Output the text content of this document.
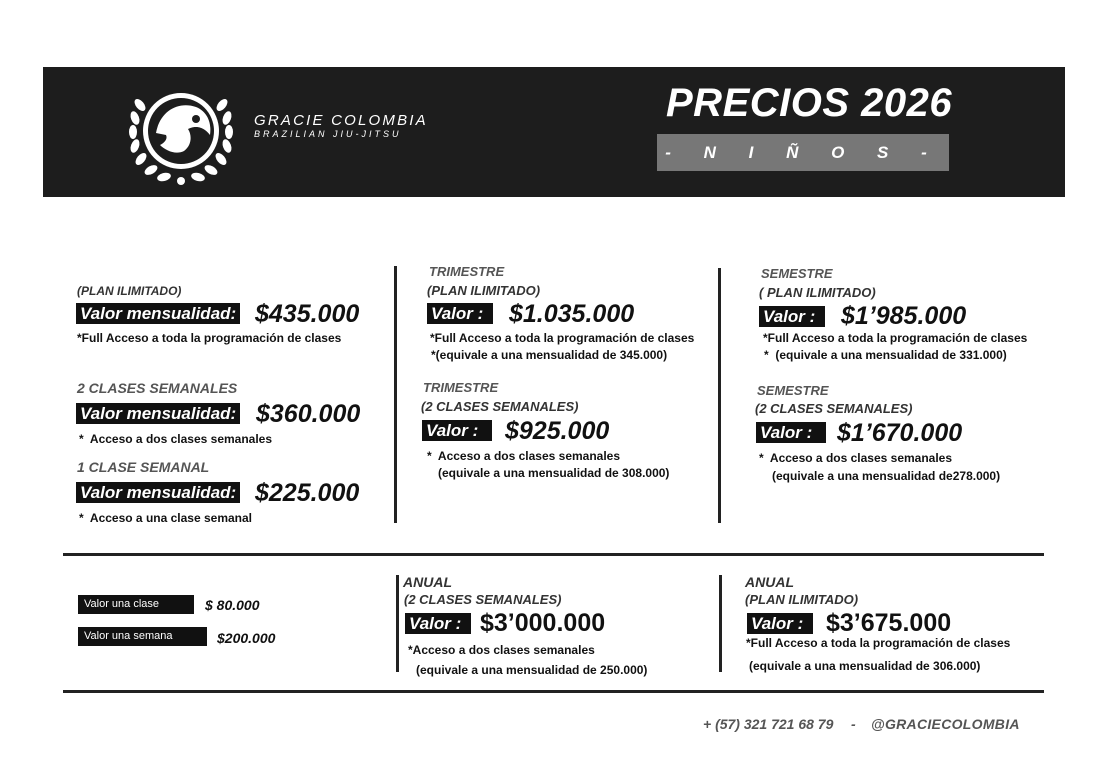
GRACIE COLOMBIA
BRAZILIAN JIU-JITSU
PRECIOS 2026
- N I Ñ O S -
(PLAN ILIMITADO)
Valor mensualidad: $435.000
*Full Acceso a toda la programación de clases
2 CLASES SEMANALES
Valor mensualidad: $360.000
* Acceso a dos clases semanales
1 CLASE SEMANAL
Valor mensualidad: $225.000
* Acceso a una clase semanal
TRIMESTRE
(PLAN ILIMITADO)
Valor :	$1.035.000
*Full Acceso a toda la programación de clases
*(equivale a una mensualidad de 345.000)
TRIMESTRE
(2 CLASES SEMANALES)
Valor :	$925.000
* Acceso a dos clases semanales
(equivale a una mensualidad de 308.000)
SEMESTRE
( PLAN ILIMITADO)
Valor :	$1’985.000
*Full Acceso a toda la programación de clases
* (equivale a una mensualidad de 331.000)
SEMESTRE
(2 CLASES SEMANALES)
Valor : $1’670.000
* Acceso a dos clases semanales
(equivale a una mensualidad de278.000)
Valor una clase	$ 80.000
Valor una semana	$200.000
ANUAL
(2 CLASES SEMANALES)
Valor : $3’000.000
*Acceso a dos clases semanales
(equivale a una mensualidad de 250.000)
ANUAL
(PLAN ILIMITADO)
Valor : $3’675.000
*Full Acceso a toda la programación de clases
(equivale a una mensualidad de 306.000)
+ (57) 321 721 68 79 - @GRACIECOLOMBIA
